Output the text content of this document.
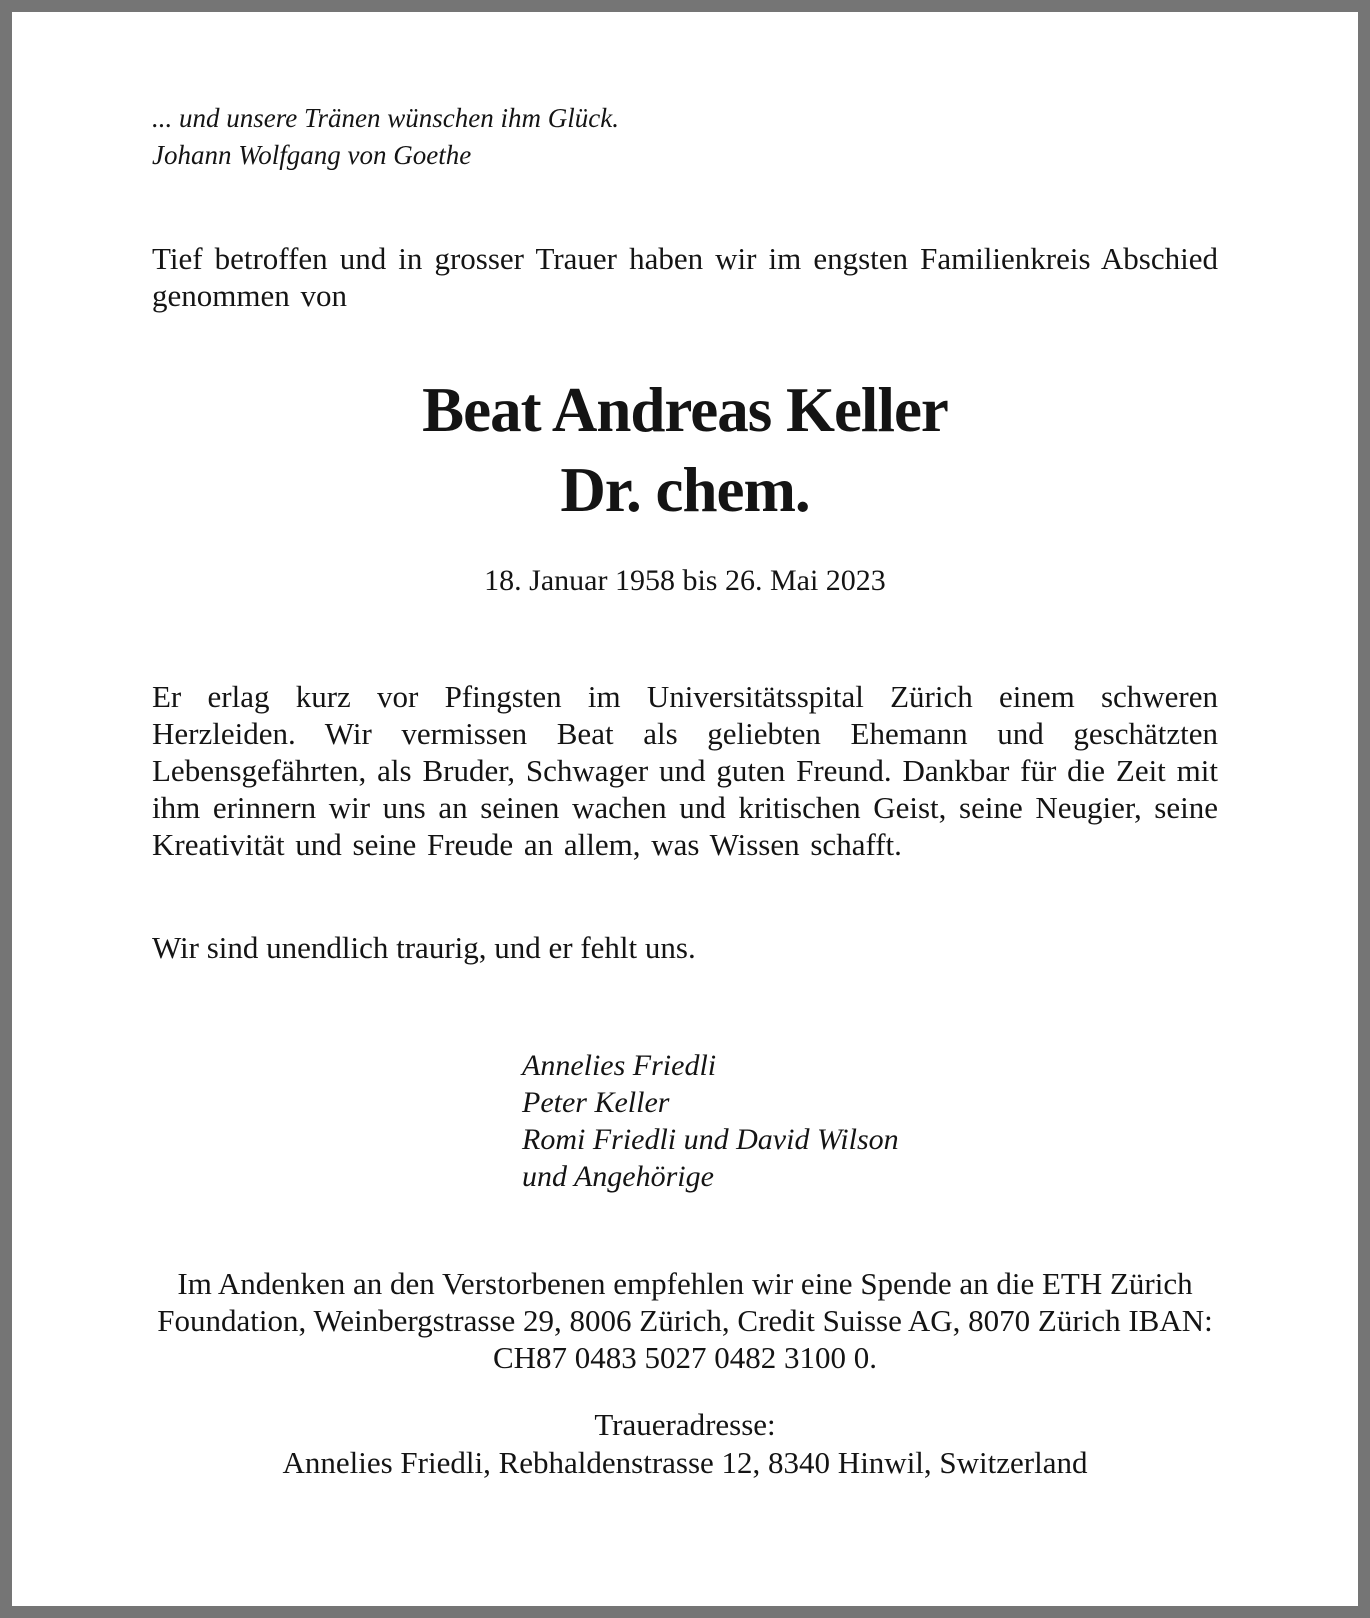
... und unsere Tränen wünschen ihm Glück.
Johann Wolfgang von Goethe

Tief betroffen und in grosser Trauer haben wir im engsten Familienkreis Abschied genommen von

Beat Andreas Keller
Dr. chem.
18. Januar 1958 bis 26. Mai 2023

Er erlag kurz vor Pfingsten im Universitätsspital Zürich einem schweren Herzleiden. Wir vermissen Beat als geliebten Ehemann und geschätzten Lebensgefährten, als Bruder, Schwager und guten Freund. Dankbar für die Zeit mit ihm erinnern wir uns an seinen wachen und kritischen Geist, seine Neugier, seine Kreativität und seine Freude an allem, was Wissen schafft.

Wir sind unendlich traurig, und er fehlt uns.

Annelies Friedli
Peter Keller
Romi Friedli und David Wilson
und Angehörige

Im Andenken an den Verstorbenen empfehlen wir eine Spende an die ETH Zürich Foundation, Weinbergstrasse 29, 8006 Zürich, Credit Suisse AG, 8070 Zürich IBAN: CH87 0483 5027 0482 3100 0.

Traueradresse:
Annelies Friedli, Rebhaldenstrasse 12, 8340 Hinwil, Switzerland
